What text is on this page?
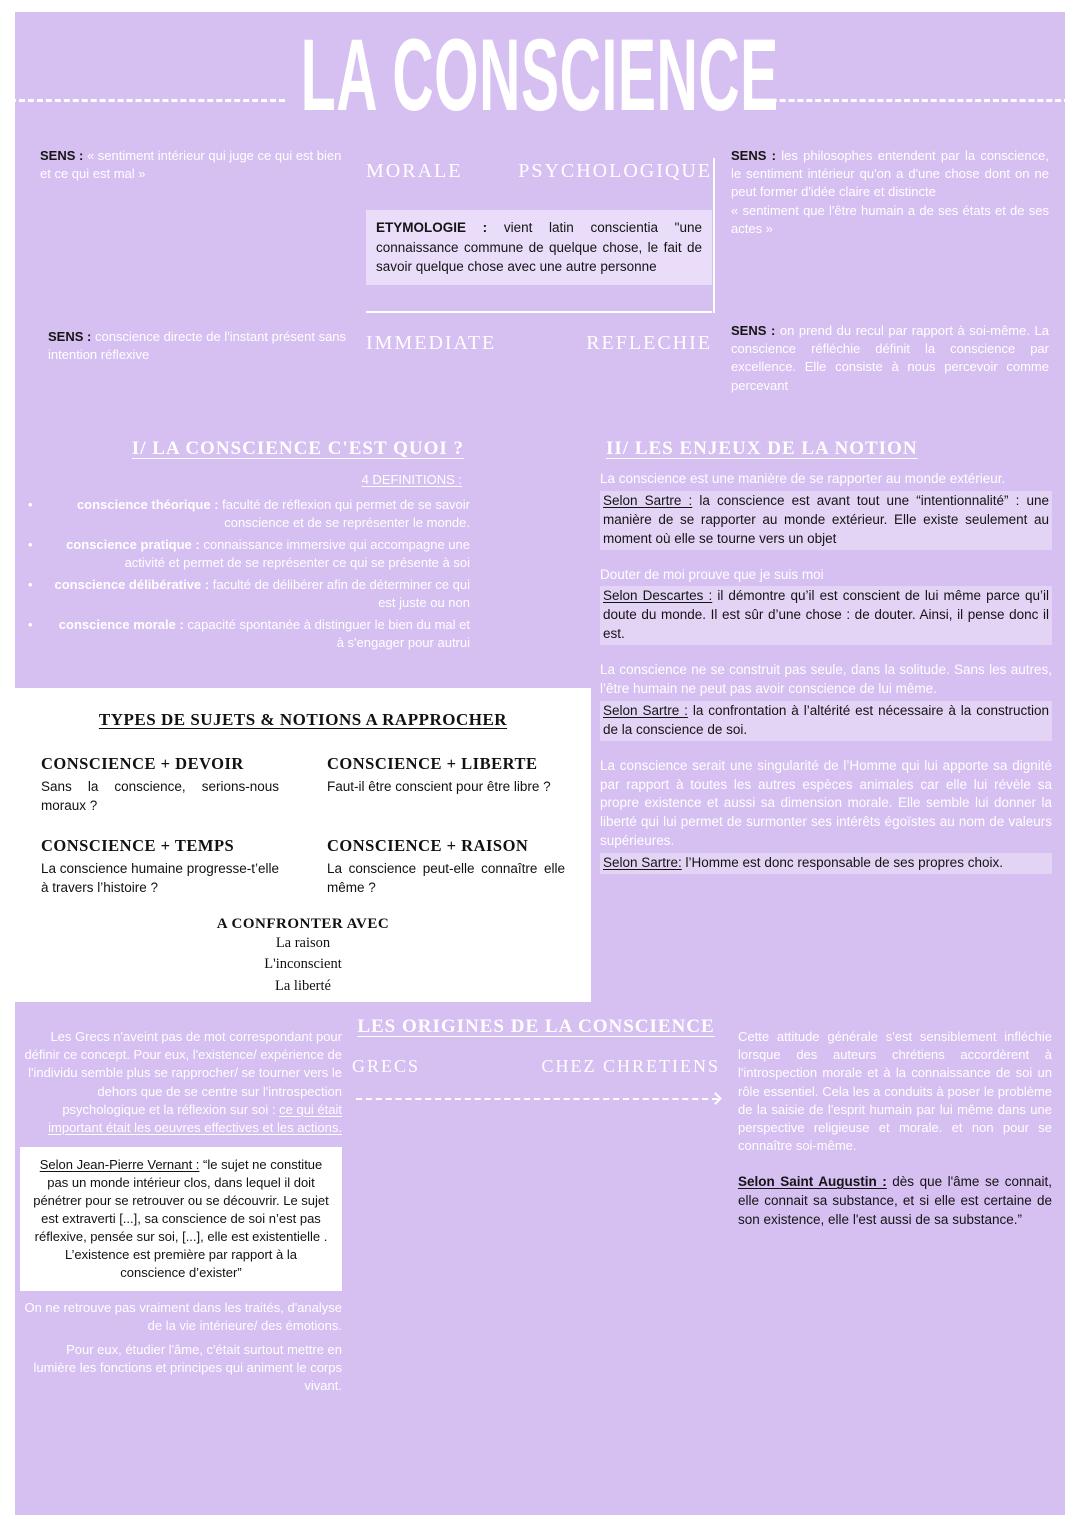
LA CONSCIENCE

SENS : « sentiment intérieur qui juge ce qui est bien et ce qui est mal »	MORALE	PSYCHOLOGIQUE

ETYMOLOGIE : vient latin conscientia "une connaissance commune de quelque chose, le fait de savoir quelque chose avec une autre personne

SENS : les philosophes entendent par la conscience, le sentiment intérieur qu'on a d'une chose dont on ne peut former d'idée claire et distincte
« sentiment que l'être humain a de ses états et de ses actes »

SENS : conscience directe de l'instant présent sans intention réflexive

IMMEDIATE	REFLECHIE

SENS : on prend du recul par rapport à soi-même. La conscience réfléchie définit la conscience par excellence. Elle consiste à nous percevoir comme percevant

I/ LA CONSCIENCE C'EST QUOI ?
4 DEFINITIONS :
• conscience théorique : faculté de réflexion qui permet de se savoir conscience et de se représenter le monde.
• conscience pratique : connaissance immersive qui accompagne une activité et permet de se représenter ce qui se présente à soi
• conscience délibérative : faculté de délibérer afin de déterminer ce qui est juste ou non
• conscience morale : capacité spontanée à distinguer le bien du mal et à s'engager pour autrui
II/ LES ENJEUX DE LA NOTION

La conscience est une manière de se rapporter au monde extérieur.

Selon Sartre : la conscience est avant tout une “intentionnalité” : une manière de se rapporter au monde extérieur. Elle existe seulement au moment où elle se tourne vers un objet

Douter de moi prouve que je suis moi

Selon Descartes : il démontre qu’il est conscient de lui même parce qu’il doute du monde. Il est sûr d’une chose : de douter. Ainsi, il pense donc il est.

La conscience ne se construit pas seule, dans la solitude. Sans les autres, l’être humain ne peut pas avoir conscience de lui même.

Selon Sartre : la confrontation à l’altérité est nécessaire à la construction de la conscience de soi.

La conscience serait une singularité de l’Homme qui lui apporte sa dignité par rapport à toutes les autres espèces animales car elle lui révèle sa propre existence et aussi sa dimension morale. Elle semble lui donner la liberté qui lui permet de surmonter ses intérêts égoïstes au nom de valeurs supérieures.

Selon Sartre: l’Homme est donc responsable de ses propres choix.

TYPES DE SUJETS & NOTIONS A RAPPROCHER
CONSCIENCE + DEVOIR

Sans la conscience, serions-nous moraux ?

CONSCIENCE + LIBERTE

Faut-il être conscient pour être libre ?

CONSCIENCE + TEMPS

La conscience humaine progresse-t’elle à travers l’histoire ?

CONSCIENCE + RAISON

La conscience peut-elle connaître elle même ?

A CONFRONTER AVEC
La raison
L'inconscient
La liberté
LES ORIGINES DE LA CONSCIENCE
GRECS	CHEZ CHRETIENS

Les Grecs n'aveint pas de mot correspondant pour définir ce concept. Pour eux, l'existence/ expérience de l'individu semble plus se rapprocher/ se tourner vers le dehors que de se centre sur l'introspection psychologique et la réflexion sur soi : ce qui était important était les oeuvres effectives et les actions.

Selon Jean-Pierre Vernant : “le sujet ne constitue pas un monde intérieur clos, dans lequel il doit pénétrer pour se retrouver ou se découvrir. Le sujet est extraverti [...], sa conscience de soi n’est pas réflexive, pensée sur soi, [...], elle est existentielle . L’existence est première par rapport à la conscience d’exister”

On ne retrouve pas vraiment dans les traités, d'analyse de la vie intérieure/ des émotions.

Pour eux, étudier l'âme, c'était surtout mettre en lumière les fonctions et principes qui animent le corps vivant.

Cette attitude générale s'est sensiblement infléchie lorsque des auteurs chrétiens accordèrent à l'introspection morale et à la connaissance de soi un rôle essentiel. Cela les a conduits à poser le problème de la saisie de l'esprit humain par lui même dans une perspective religieuse et morale. et non pour se connaître soi-même.

Selon Saint Augustin : dès que l'âme se connait, elle connait sa substance, et si elle est certaine de son existence, elle l'est aussi de sa substance.”
